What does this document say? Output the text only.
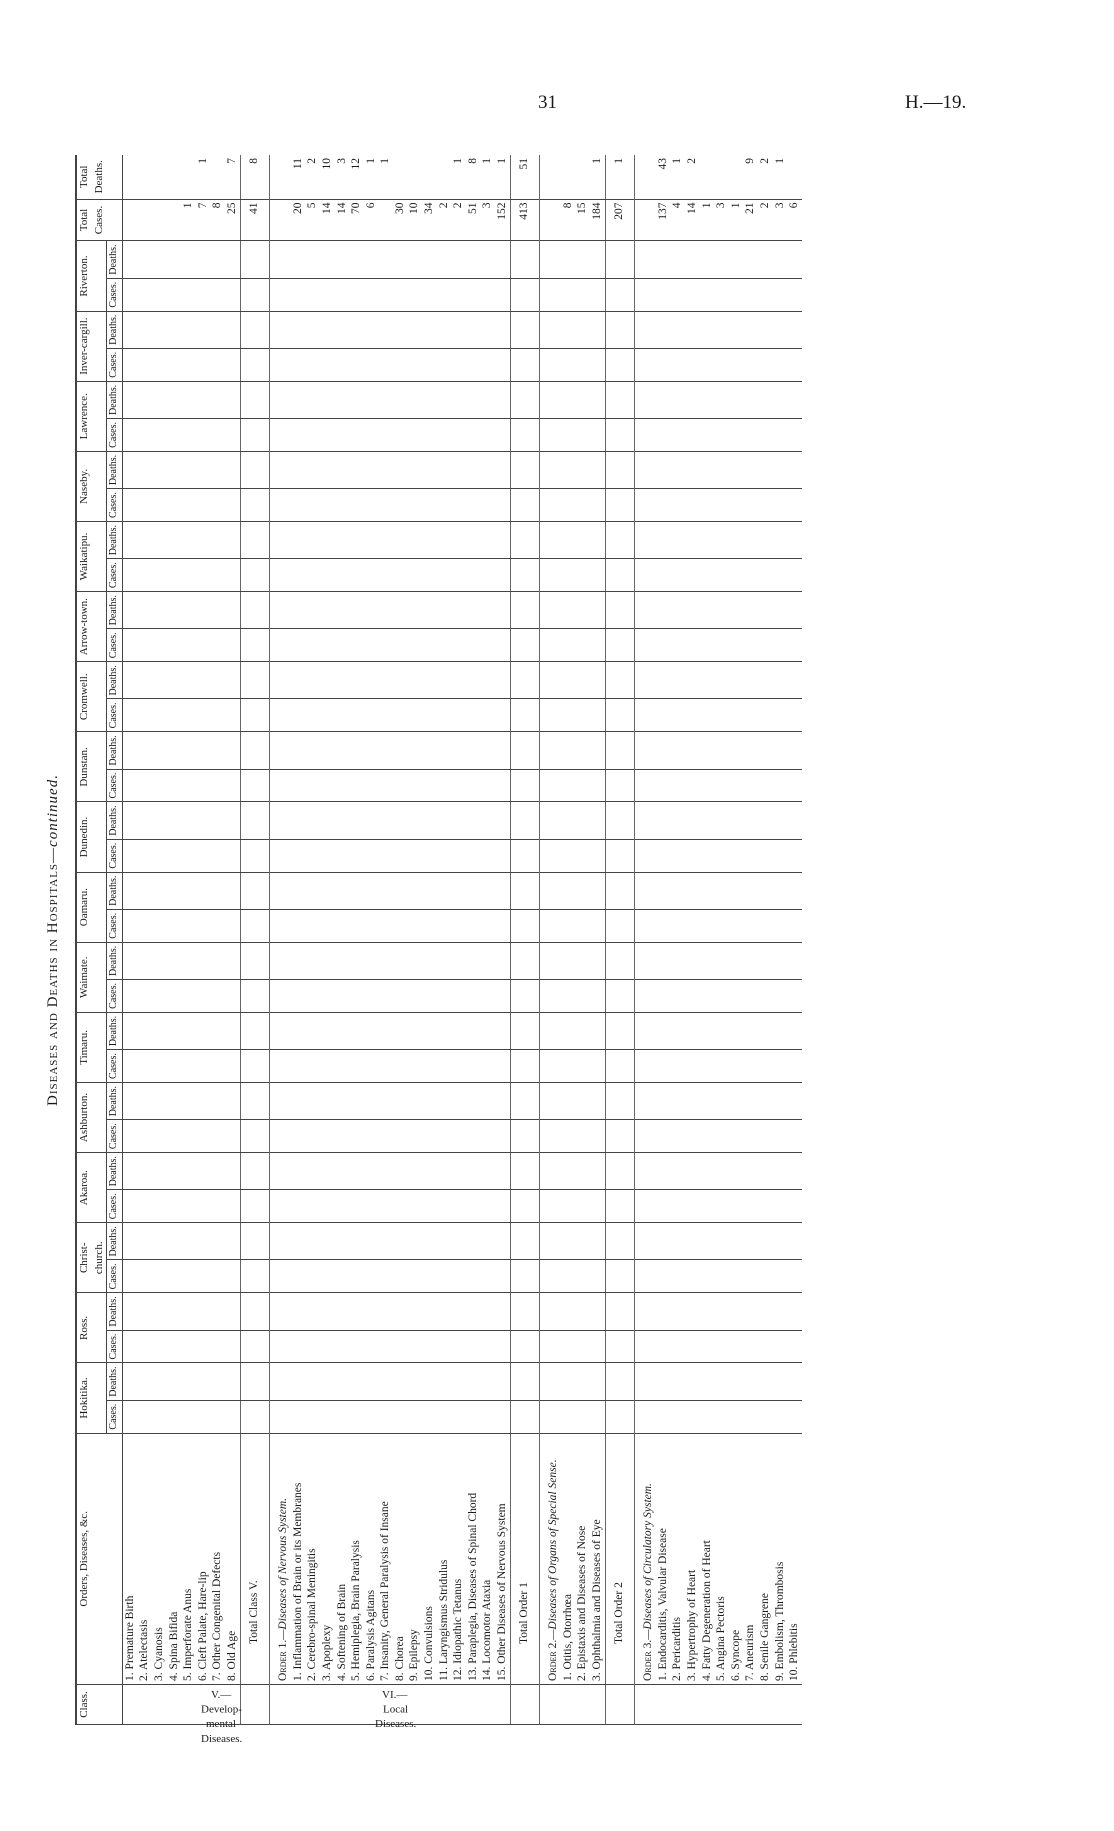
31	H.—19.
Diseases and Deaths in Hospitals—continued.
Class.	Orders, Diseases, &c.	Hokitika.		Ross.		Christ-church.		Akaroa.		Ashburton.		Timaru.		Waimate.		Oamaru.		Dunedin.		Dunstan.		Cromwell.		Arrow-town.		Waikatipu.		Naseby.		Lawrence.		Inver-cargill.		Riverton.		Total Cases.	Total Deaths.
		Cases.	Deaths.	Cases.	Deaths.	Cases.	Deaths.	Cases.	Deaths.	Cases.	Deaths.	Cases.	Deaths.	Cases.	Deaths.	Cases.	Deaths.	Cases.	Deaths.	Cases.	Deaths.	Cases.	Deaths.	Cases.	Deaths.	Cases.	Deaths.	Cases.	Deaths.	Cases.	Deaths.	Cases.	Deaths.	Cases.	Deaths.		

V.—Develop-mental Diseases.	1. Premature Birth																																				
	2. Atelectasis																																				
	3. Cyanosis																																				
	4. Spina Bifida																																				
	5. Imperforate Anus																																			1	
	6. Cleft Palate, Hare-lip																																			7	1
	7. Other Congenital Defects																																			8	
	8. Old Age																																			25	7
	Total Class V.																																			41	8

	Order 1.—Diseases of Nervous System.																																				
	1. Inflammation of Brain or its Membranes																																			20	11
	2. Cerebro-spinal Meningitis																																			5	2
	3. Apoplexy																																			14	10

VI.—Local Diseases.	4. Softening of Brain																																			14	3
	5. Hemiplegia, Brain Paralysis																																			70	12
	6. Paralysis Agitans																																			6	1
	7. Insanity, General Paralysis of Insane																																				1
	8. Chorea																																			30	
	9. Epilepsy																																			10	
	10. Convulsions																																			34	
	11. Laryngismus Stridulus																																			2	
	12. Idiopathic Tetanus																																			2	1
	13. Paraplegia, Diseases of Spinal Chord																																			51	8
	14. Locomotor Ataxia																																			3	1
	15. Other Diseases of Nervous System																																			152	1
	Total Order 1																																			413	51

	Order 2.—Diseases of Organs of Special Sense.																																				
	1. Otitis, Otorrhœa																																			8	
	2. Epistaxis and Diseases of Nose																																			15	
	3. Ophthalmia and Diseases of Eye																																			184	1
	Total Order 2																																			207	1

	Order 3.—Diseases of Circulatory System.																																				
	1. Endocarditis, Valvular Disease																																			137	43
	2. Pericarditis																																			4	1
	3. Hypertrophy of Heart																																			14	2
	4. Fatty Degeneration of Heart																																			1	
	5. Angina Pectoris																																			3	
	6. Syncope																																			1	
	7. Aneurism																																			21	9
	8. Senile Gangrene																																			2	2
	9. Embolism, Thrombosis																																			3	1
	10. Phlebitis																																			6	
